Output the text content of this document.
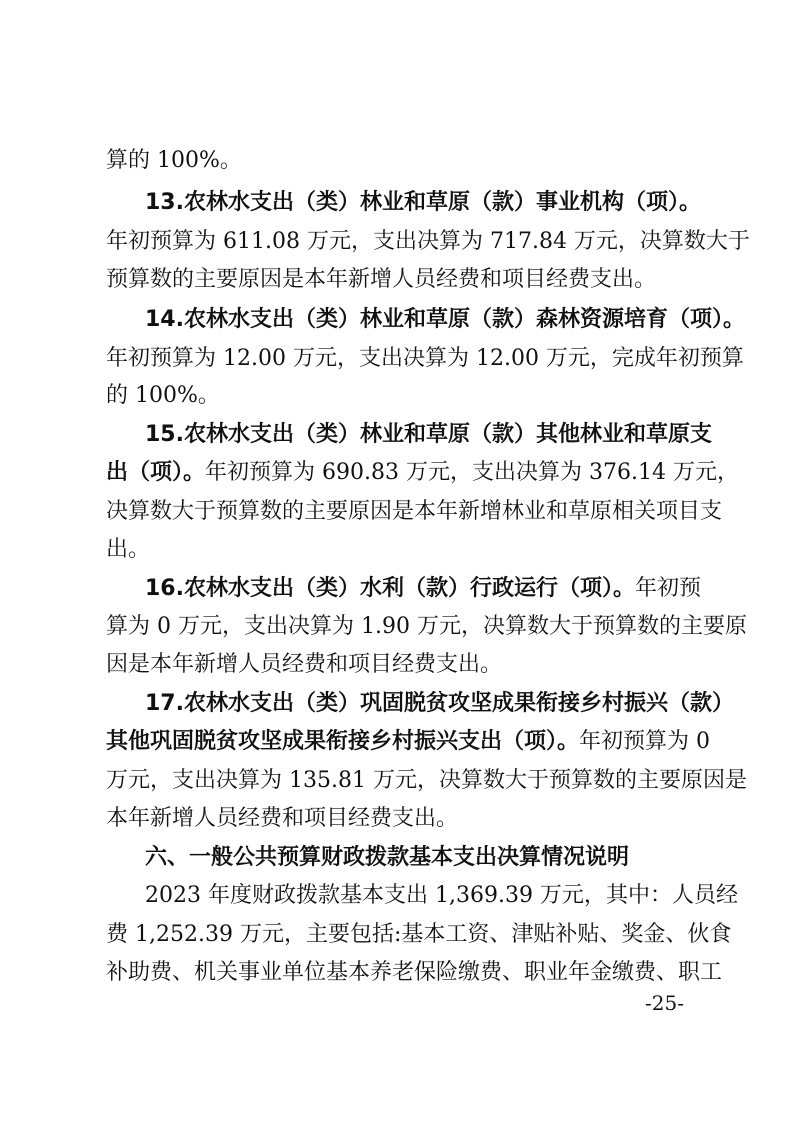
算的 100%。
13.农林水支出（类）林业和草原（款）事业机构（项）。
年初预算为 611.08 万元，支出决算为 717.84 万元，决算数大于
预算数的主要原因是本年新增人员经费和项目经费支出。
14.农林水支出（类）林业和草原（款）森林资源培育（项）。
年初预算为 12.00 万元，支出决算为 12.00 万元，完成年初预算
的 100%。
15.农林水支出（类）林业和草原（款）其他林业和草原支
出（项）。年初预算为 690.83 万元，支出决算为 376.14 万元，
决算数大于预算数的主要原因是本年新增林业和草原相关项目支
出。
16.农林水支出（类）水利（款）行政运行（项）。年初预
算为 0 万元，支出决算为 1.90 万元，决算数大于预算数的主要原
因是本年新增人员经费和项目经费支出。
17.农林水支出（类）巩固脱贫攻坚成果衔接乡村振兴（款）
其他巩固脱贫攻坚成果衔接乡村振兴支出（项）。年初预算为 0
万元，支出决算为 135.81 万元，决算数大于预算数的主要原因是
本年新增人员经费和项目经费支出。
六、一般公共预算财政拨款基本支出决算情况说明
2023 年度财政拨款基本支出 1,369.39 万元，其中：人员经
费 1,252.39 万元，主要包括:基本工资、津贴补贴、奖金、伙食
补助费、机关事业单位基本养老保险缴费、职业年金缴费、职工
-25-
